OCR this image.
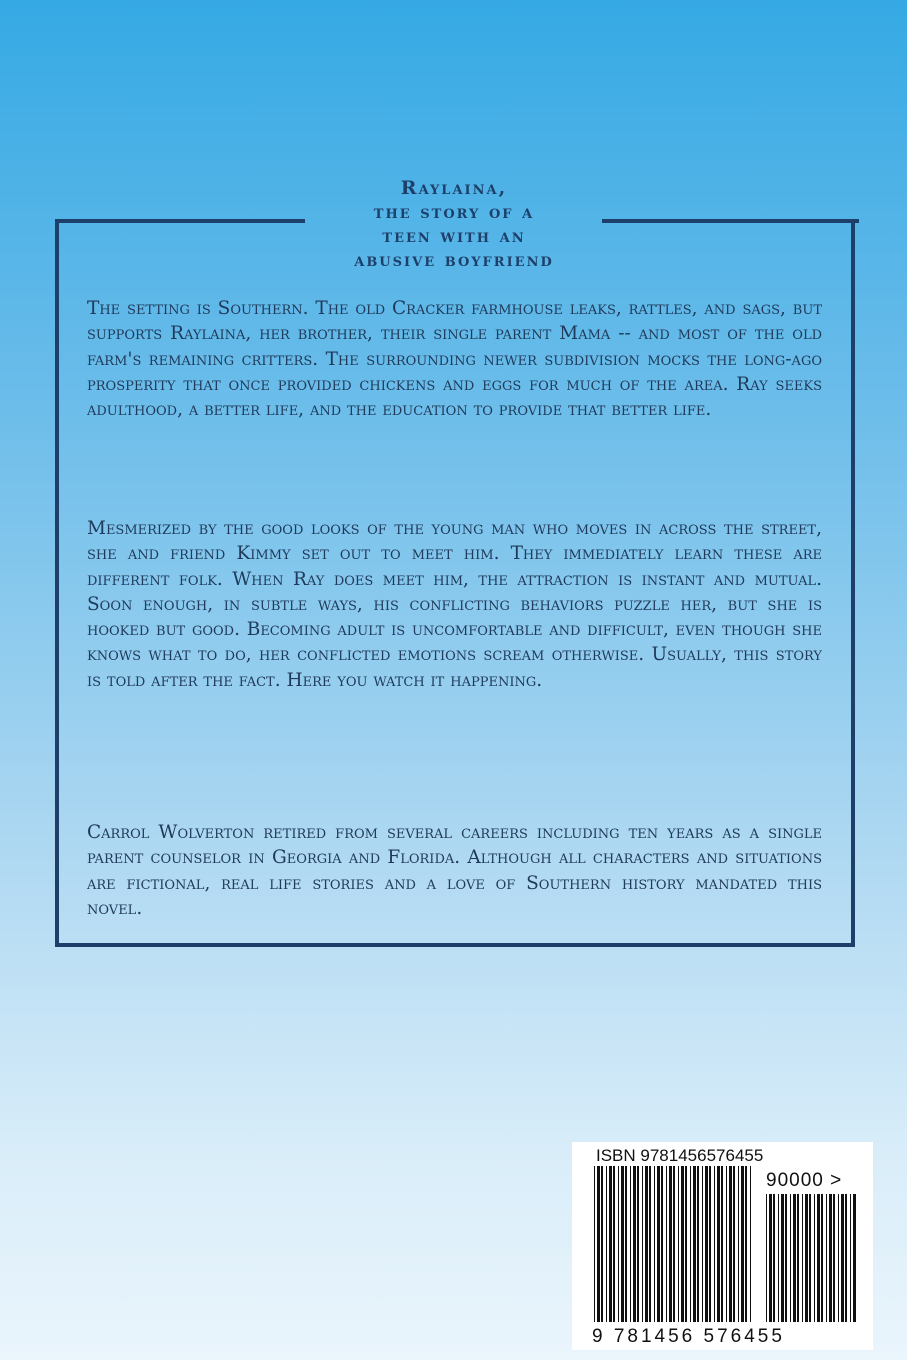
Raylaina,
the story of a
teen with an
abusive boyfriend

The setting is Southern. The old Cracker farmhouse leaks, rattles, and sags, but supports Raylaina, her brother, their single parent Mama -- and most of the old farm's remaining critters. The surrounding newer subdivision mocks the long-ago prosperity that once provided chickens and eggs for much of the area. Ray seeks adulthood, a better life, and the education to provide that better life.

Mesmerized by the good looks of the young man who moves in across the street, she and friend Kimmy set out to meet him. They immediately learn these are different folk. When Ray does meet him, the attraction is instant and mutual. Soon enough, in subtle ways, his conflicting behaviors puzzle her, but she is hooked but good. Becoming adult is uncomfortable and difficult, even though she knows what to do, her conflicted emotions scream otherwise. Usually, this story is told after the fact. Here you watch it happening.

Carrol Wolverton retired from several careers including ten years as a single parent counselor in Georgia and Florida. Although all characters and situations are fictional, real life stories and a love of Southern history mandated this novel.

ISBN 9781456576455
90000 >
9 781456 576455
